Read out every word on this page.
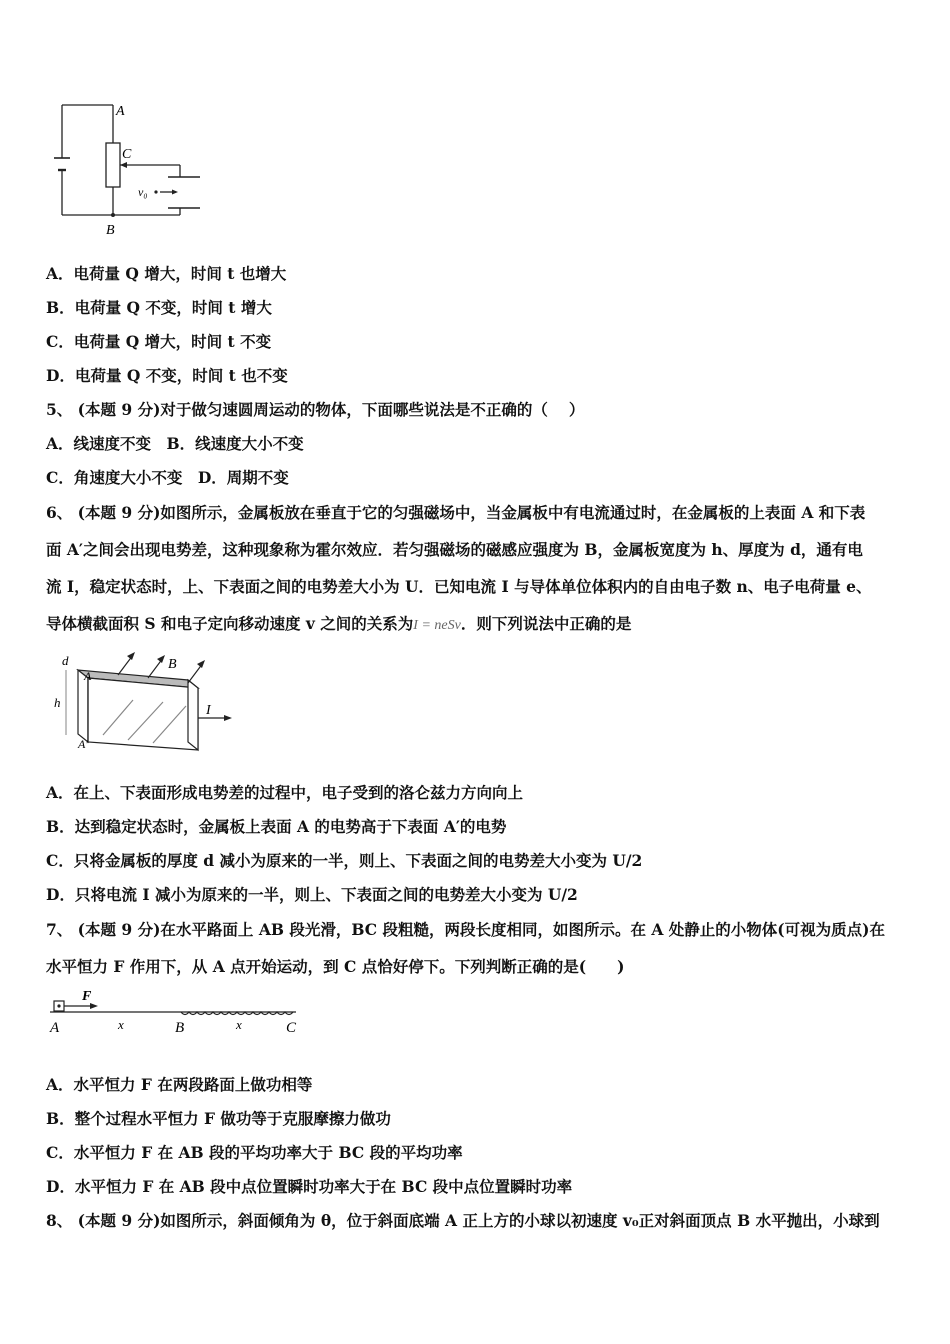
A
C
B
v₀
A．电荷量 Q 增大，时间 t 也增大
B．电荷量 Q 不变，时间 t 增大
C．电荷量 Q 增大，时间 t 不变
D．电荷量 Q 不变，时间 t 也不变
5、 (本题 9 分)对于做匀速圆周运动的物体，下面哪些说法是不正确的（　 ）
A．线速度不变　B．线速度大小不变
C．角速度大小不变　D．周期不变
6、 (本题 9 分)如图所示，金属板放在垂直于它的匀强磁场中，当金属板中有电流通过时，在金属板的上表面 A 和下表
面 A′之间会出现电势差，这种现象称为霍尔效应．若匀强磁场的磁感应强度为 B，金属板宽度为 h、厚度为 d，通有电
流 I，稳定状态时，上、下表面之间的电势差大小为 U．已知电流 I 与导体单位体积内的自由电子数 n、电子电荷量 e、
导体横截面积 S 和电子定向移动速度 v 之间的关系为I = neSv．则下列说法中正确的是
d
h
A
A′
B
I
A．在上、下表面形成电势差的过程中，电子受到的洛仑兹力方向向上
B．达到稳定状态时，金属板上表面 A 的电势高于下表面 A′的电势
C．只将金属板的厚度 d 减小为原来的一半，则上、下表面之间的电势差大小变为 U/2
D．只将电流 I 减小为原来的一半，则上、下表面之间的电势差大小变为 U/2
7、 (本题 9 分)在水平路面上 AB 段光滑，BC 段粗糙，两段长度相同，如图所示。在 A 处静止的小物体(可视为质点)在
水平恒力 F 作用下，从 A 点开始运动，到 C 点恰好停下。下列判断正确的是(　　)
F
A	x	B	x	C
A．水平恒力 F 在两段路面上做功相等
B．整个过程水平恒力 F 做功等于克服摩擦力做功
C．水平恒力 F 在 AB 段的平均功率大于 BC 段的平均功率
D．水平恒力 F 在 AB 段中点位置瞬时功率大于在 BC 段中点位置瞬时功率
8、 (本题 9 分)如图所示，斜面倾角为 θ，位于斜面底端 A 正上方的小球以初速度 v₀正对斜面顶点 B 水平抛出，小球到
